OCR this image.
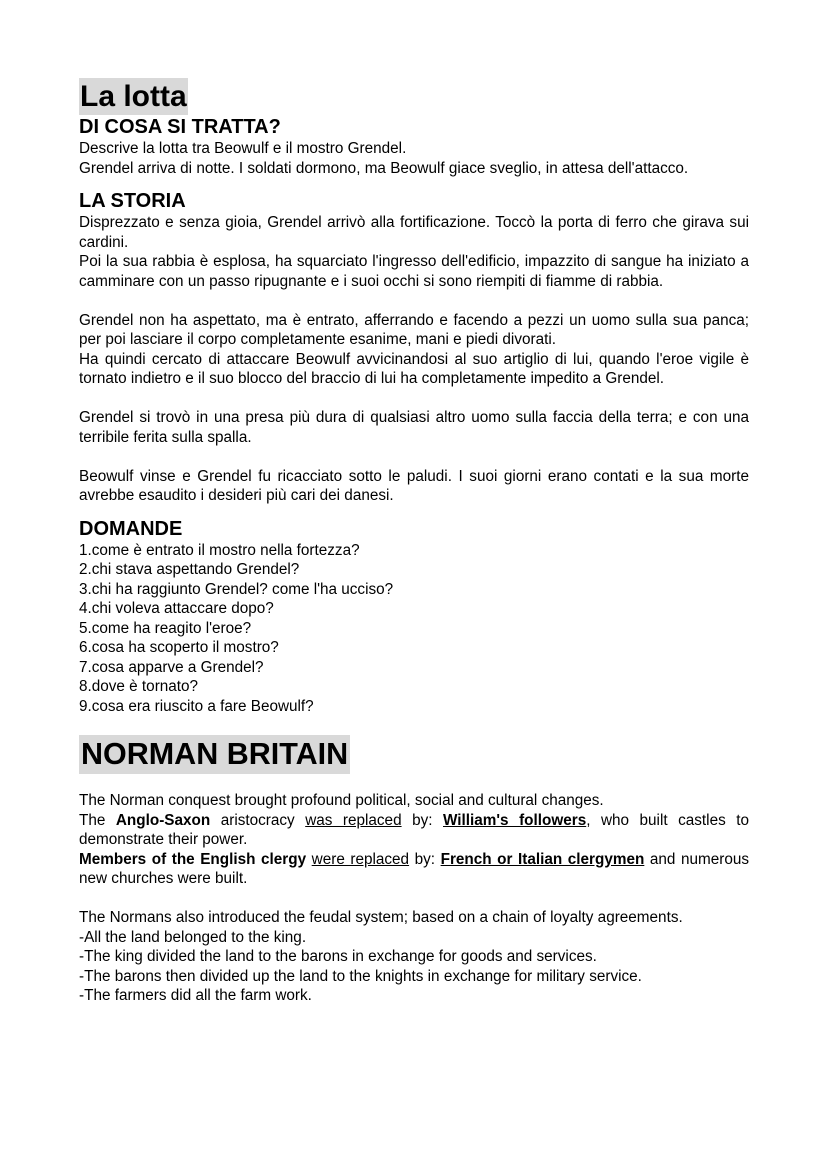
La lotta
DI COSA SI TRATTA?

Descrive la lotta tra Beowulf e il mostro Grendel.

Grendel arriva di notte. I soldati dormono, ma Beowulf giace sveglio, in attesa dell'attacco.

LA STORIA

Disprezzato e senza gioia, Grendel arrivò alla fortificazione. Toccò la porta di ferro che girava sui cardini.

Poi la sua rabbia è esplosa, ha squarciato l'ingresso dell'edificio, impazzito di sangue ha iniziato a camminare con un passo ripugnante e i suoi occhi si sono riempiti di fiamme di rabbia.

Grendel non ha aspettato, ma è entrato, afferrando e facendo a pezzi un uomo sulla sua panca; per poi lasciare il corpo completamente esanime, mani e piedi divorati.

Ha quindi cercato di attaccare Beowulf avvicinandosi al suo artiglio di lui, quando l'eroe vigile è tornato indietro e il suo blocco del braccio di lui ha completamente impedito a Grendel.

Grendel si trovò in una presa più dura di qualsiasi altro uomo sulla faccia della terra; e con una terribile ferita sulla spalla.

Beowulf vinse e Grendel fu ricacciato sotto le paludi. I suoi giorni erano contati e la sua morte avrebbe esaudito i desideri più cari dei danesi.

DOMANDE
1.come è entrato il mostro nella fortezza?
2.chi stava aspettando Grendel?
3.chi ha raggiunto Grendel? come l'ha ucciso?
4.chi voleva attaccare dopo?
5.come ha reagito l'eroe?
6.cosa ha scoperto il mostro?
7.cosa apparve a Grendel?
8.dove è tornato?
9.cosa era riuscito a fare Beowulf?
NORMAN BRITAIN

The Norman conquest brought profound political, social and cultural changes.

The Anglo-Saxon aristocracy was replaced by: William's followers, who built castles to demonstrate their power.

Members of the English clergy were replaced by: French or Italian clergymen and numerous new churches were built.

The Normans also introduced the feudal system; based on a chain of loyalty agreements.

-All the land belonged to the king.

-The king divided the land to the barons in exchange for goods and services.

-The barons then divided up the land to the knights in exchange for military service.

-The farmers did all the farm work.
